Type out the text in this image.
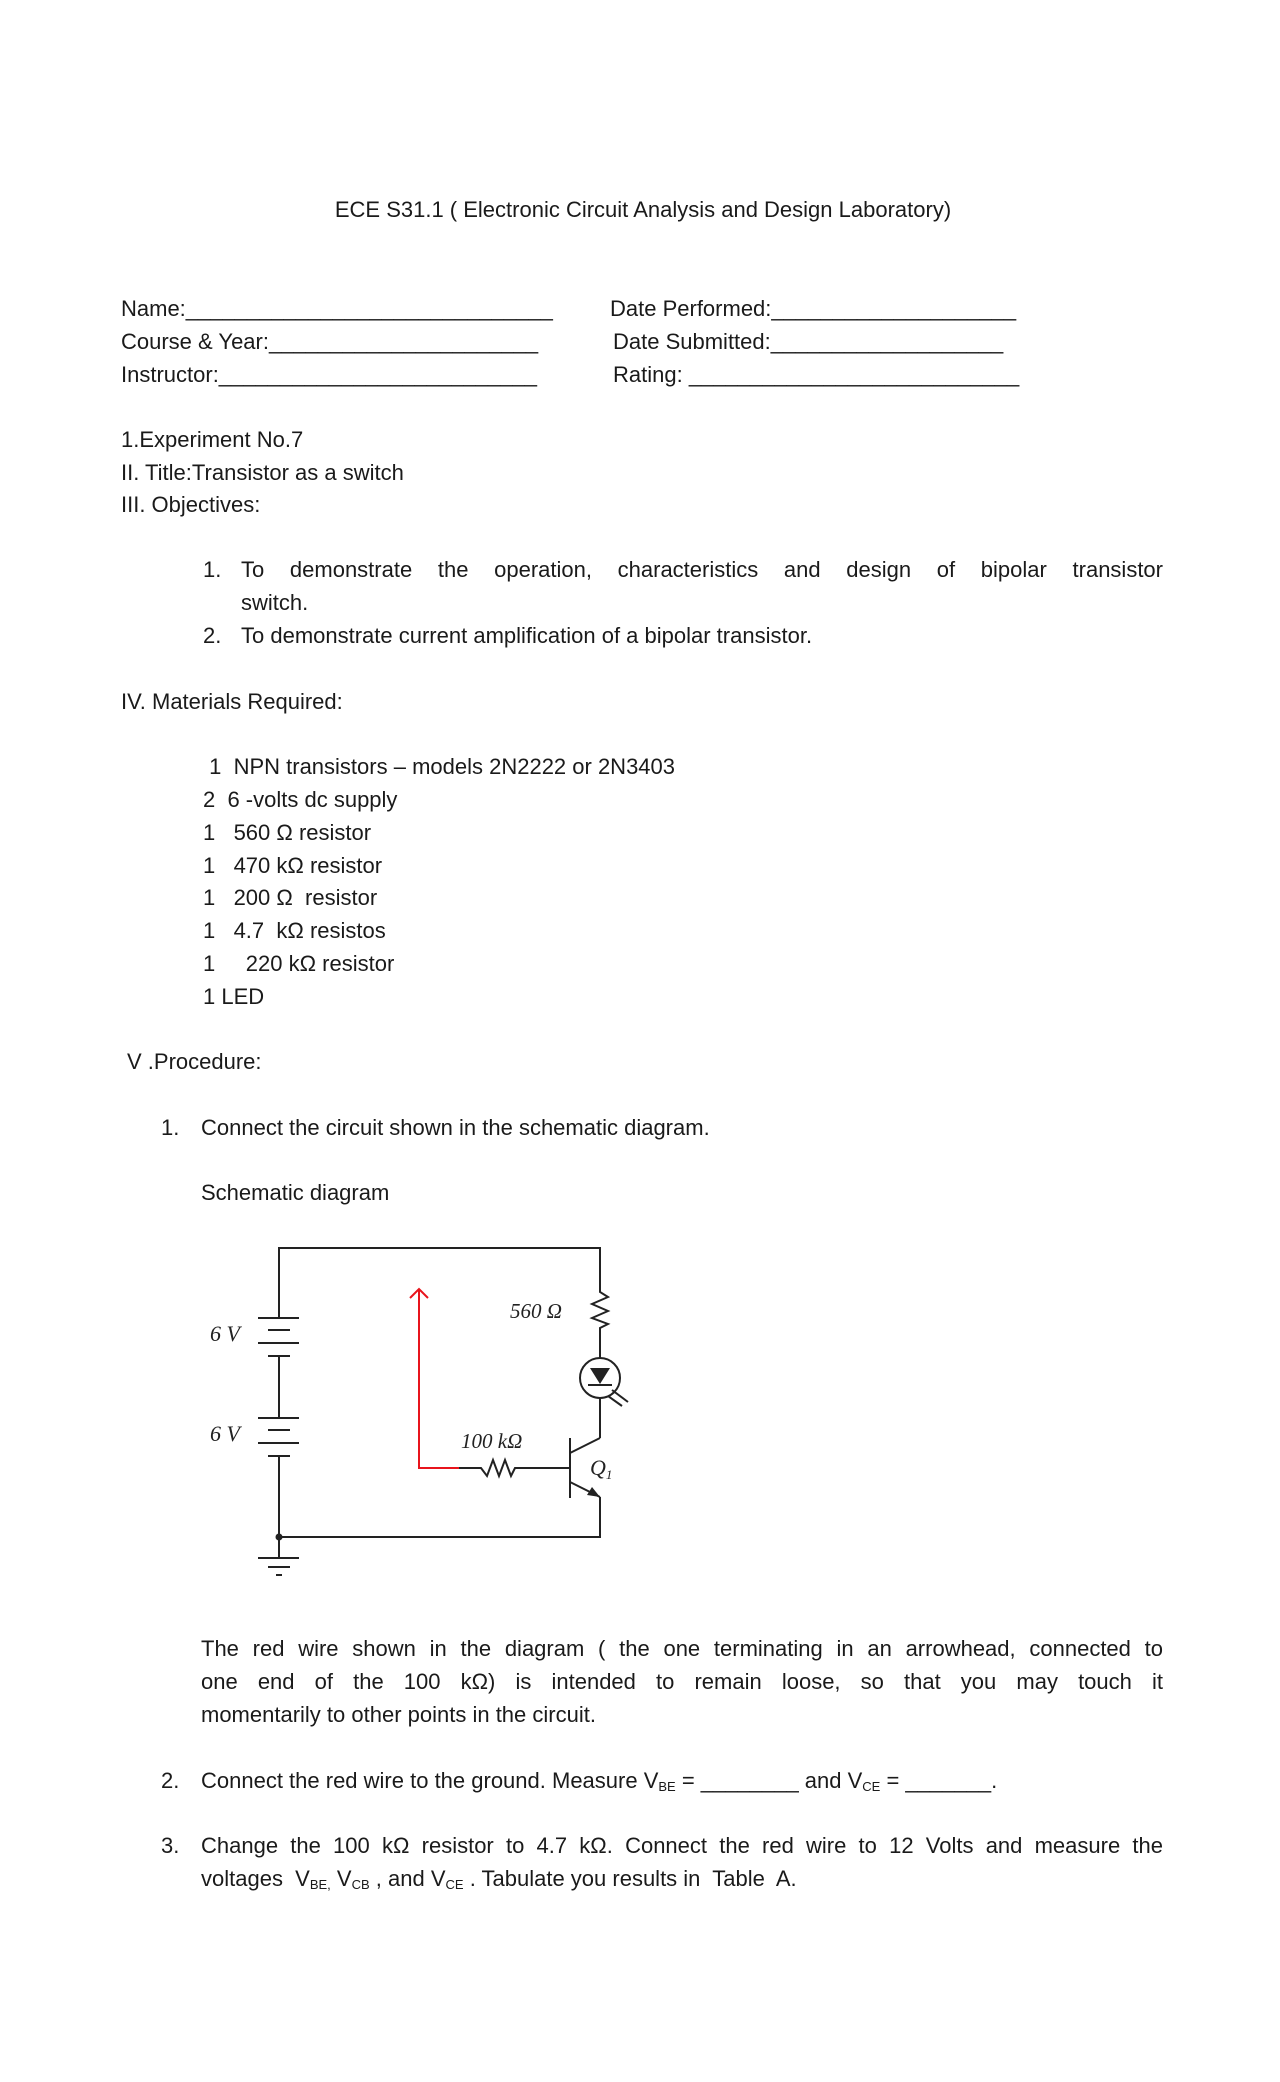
ECE S31.1 ( Electronic Circuit Analysis and Design Laboratory)
Name:______________________________	Date Performed:____________________
Course & Year:______________________	Date Submitted:___________________
Instructor:__________________________	Rating: ___________________________
1.Experiment No.7
II. Title:Transistor as a switch
III. Objectives:
1. To demonstrate the operation, characteristics and design of bipolar transistor
switch.
2. To demonstrate current amplification of a bipolar transistor.
IV. Materials Required:
1  NPN transistors – models 2N2222 or 2N3403
2  6 -volts dc supply
1   560 Ω resistor
1   470 kΩ resistor
1   200 Ω  resistor
1   4.7  kΩ resistos
1     220 kΩ resistor
1 LED
V .Procedure:
1. Connect the circuit shown in the schematic diagram.
Schematic diagram
6 V
6 V
560 Ω
100 kΩ
Q1
The red wire shown in the diagram ( the one terminating in an arrowhead, connected to
one end of the 100 kΩ) is intended to remain loose, so that you may touch it
momentarily to other points in the circuit.
2. Connect the red wire to the ground. Measure $V_{BE}$ = ________ and $V_{CE}$ = _______.
3. Change the 100 kΩ resistor to 4.7 kΩ. Connect the red wire to 12 Volts and measure the
voltages  $V_{BE,}$ $V_{CB}$ , and $V_{CE}$ . Tabulate you results in  Table  A.
